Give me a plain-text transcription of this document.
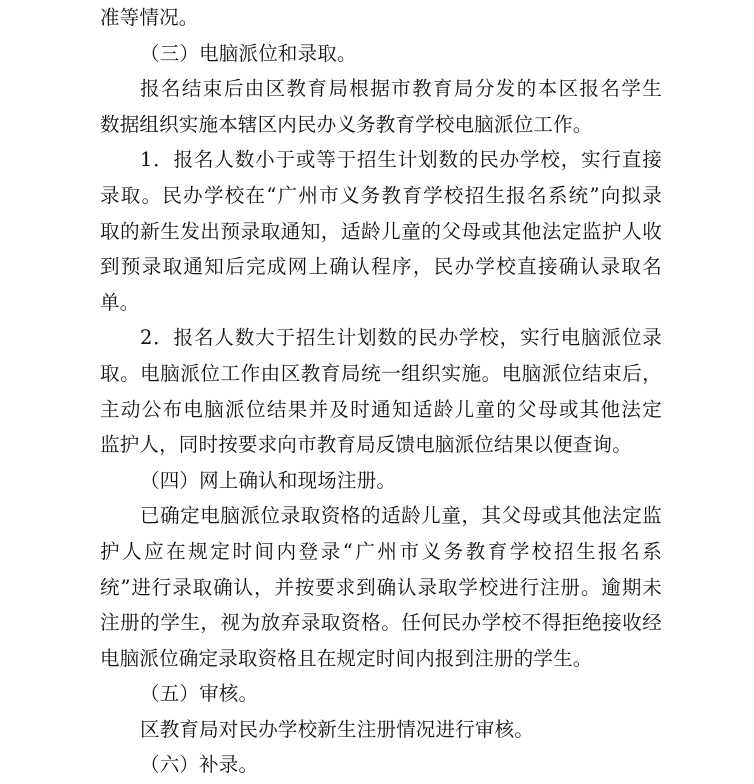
准等情况。
（三）电脑派位和录取。
报名结束后由区教育局根据市教育局分发的本区报名学生
数据组织实施本辖区内民办义务教育学校电脑派位工作。
1．报名人数小于或等于招生计划数的民办学校，实行直接
录取。民办学校在“广州市义务教育学校招生报名系统”向拟录
取的新生发出预录取通知，适龄儿童的父母或其他法定监护人收
到预录取通知后完成网上确认程序，民办学校直接确认录取名
单。
2．报名人数大于招生计划数的民办学校，实行电脑派位录
取。电脑派位工作由区教育局统一组织实施。电脑派位结束后，
主动公布电脑派位结果并及时通知适龄儿童的父母或其他法定
监护人，同时按要求向市教育局反馈电脑派位结果以便查询。
（四）网上确认和现场注册。
已确定电脑派位录取资格的适龄儿童，其父母或其他法定监
护人应在规定时间内登录“广州市义务教育学校招生报名系
统”进行录取确认，并按要求到确认录取学校进行注册。逾期未
注册的学生，视为放弃录取资格。任何民办学校不得拒绝接收经
电脑派位确定录取资格且在规定时间内报到注册的学生。
（五）审核。
区教育局对民办学校新生注册情况进行审核。
（六）补录。
